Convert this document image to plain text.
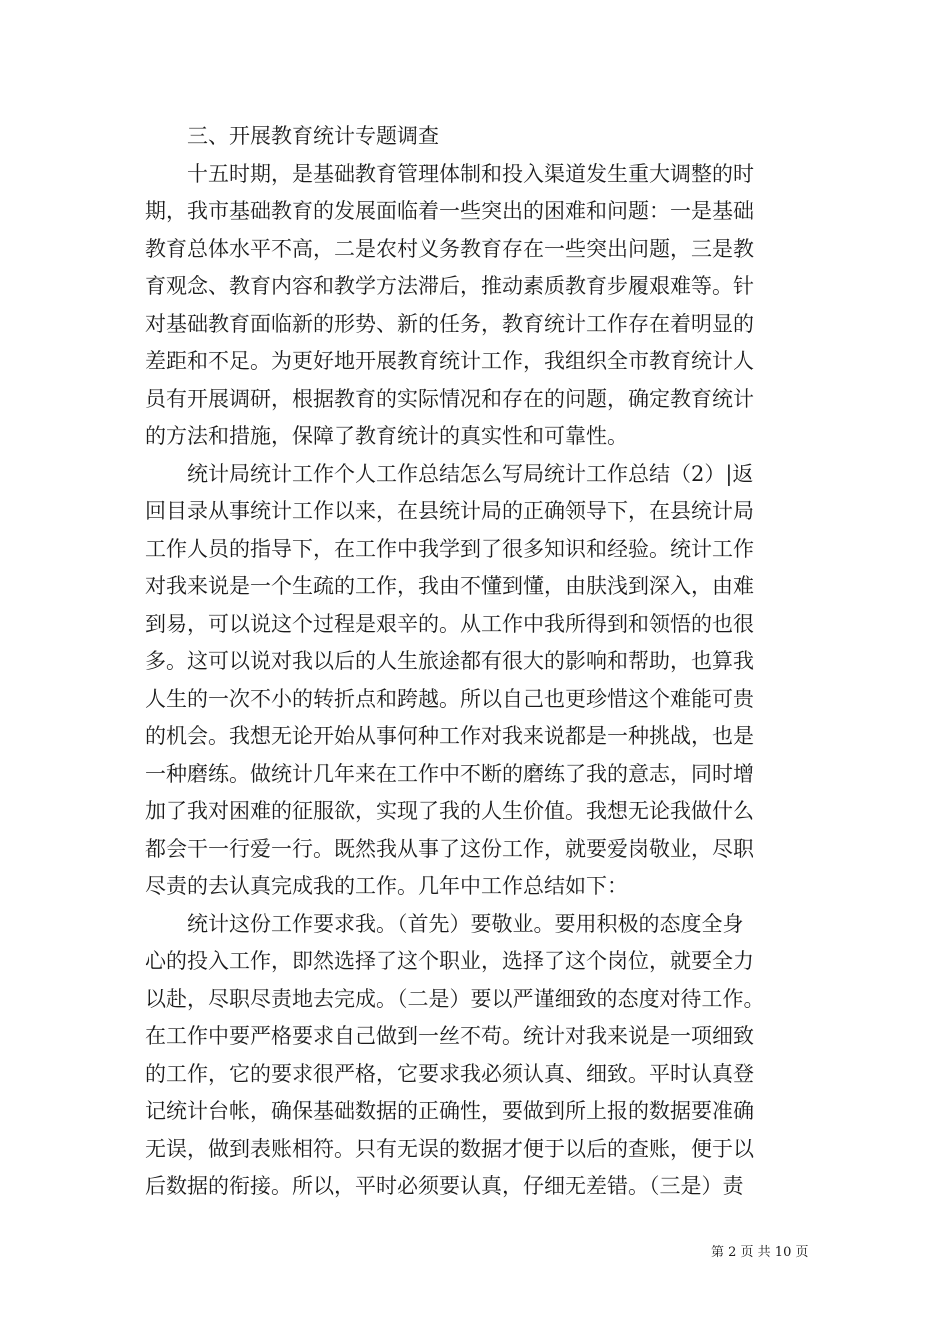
三、开展教育统计专题调查
十五时期，是基础教育管理体制和投入渠道发生重大调整的时
期，我市基础教育的发展面临着一些突出的困难和问题：一是基础
教育总体水平不高，二是农村义务教育存在一些突出问题，三是教
育观念、教育内容和教学方法滞后，推动素质教育步履艰难等。针
对基础教育面临新的形势、新的任务，教育统计工作存在着明显的
差距和不足。为更好地开展教育统计工作，我组织全市教育统计人
员有开展调研，根据教育的实际情况和存在的问题，确定教育统计
的方法和措施，保障了教育统计的真实性和可靠性。
统计局统计工作个人工作总结怎么写局统计工作总结（2）|返
回目录从事统计工作以来，在县统计局的正确领导下，在县统计局
工作人员的指导下，在工作中我学到了很多知识和经验。统计工作
对我来说是一个生疏的工作，我由不懂到懂，由肤浅到深入，由难
到易，可以说这个过程是艰辛的。从工作中我所得到和领悟的也很
多。这可以说对我以后的人生旅途都有很大的影响和帮助，也算我
人生的一次不小的转折点和跨越。所以自己也更珍惜这个难能可贵
的机会。我想无论开始从事何种工作对我来说都是一种挑战，也是
一种磨练。做统计几年来在工作中不断的磨练了我的意志，同时增
加了我对困难的征服欲，实现了我的人生价值。我想无论我做什么
都会干一行爱一行。既然我从事了这份工作，就要爱岗敬业，尽职
尽责的去认真完成我的工作。几年中工作总结如下：
统计这份工作要求我。（首先）要敬业。要用积极的态度全身
心的投入工作，即然选择了这个职业，选择了这个岗位，就要全力
以赴，尽职尽责地去完成。（二是）要以严谨细致的态度对待工作。
在工作中要严格要求自己做到一丝不苟。统计对我来说是一项细致
的工作，它的要求很严格，它要求我必须认真、细致。平时认真登
记统计台帐，确保基础数据的正确性，要做到所上报的数据要准确
无误，做到表账相符。只有无误的数据才便于以后的查账，便于以
后数据的衔接。所以，平时必须要认真，仔细无差错。（三是）责
第 2 页 共 10 页
